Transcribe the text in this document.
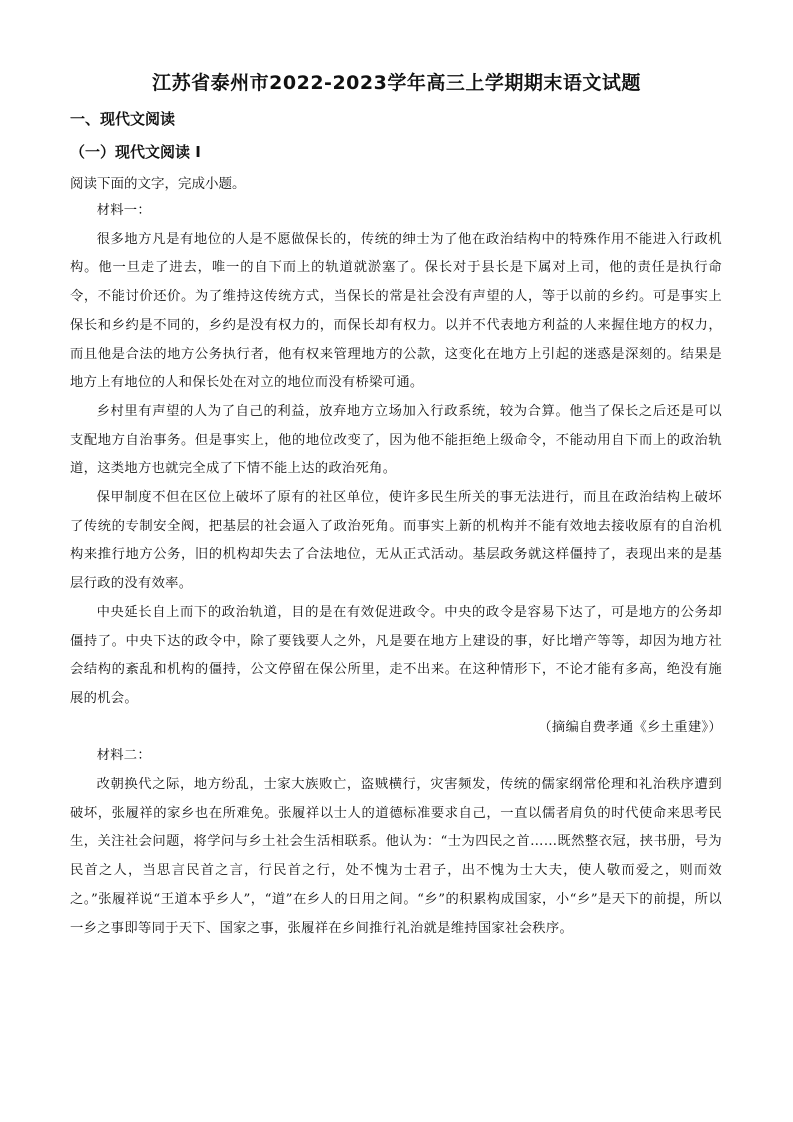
江苏省泰州市2022-2023学年高三上学期期末语文试题
一、现代文阅读
（一）现代文阅读 I
阅读下面的文字，完成小题。

材料一：

很多地方凡是有地位的人是不愿做保长的，传统的绅士为了他在政治结构中的特殊作用不能进入行政机构。他一旦走了进去，唯一的自下而上的轨道就淤塞了。保长对于县长是下属对上司，他的责任是执行命令，不能讨价还价。为了维持这传统方式，当保长的常是社会没有声望的人，等于以前的乡约。可是事实上保长和乡约是不同的，乡约是没有权力的，而保长却有权力。以并不代表地方利益的人来握住地方的权力，而且他是合法的地方公务执行者，他有权来管理地方的公款，这变化在地方上引起的迷惑是深刻的。结果是地方上有地位的人和保长处在对立的地位而没有桥梁可通。

乡村里有声望的人为了自己的利益，放弃地方立场加入行政系统，较为合算。他当了保长之后还是可以支配地方自治事务。但是事实上，他的地位改变了，因为他不能拒绝上级命令，不能动用自下而上的政治轨道，这类地方也就完全成了下情不能上达的政治死角。

保甲制度不但在区位上破坏了原有的社区单位，使许多民生所关的事无法进行，而且在政治结构上破坏了传统的专制安全阀，把基层的社会逼入了政治死角。而事实上新的机构并不能有效地去接收原有的自治机构来推行地方公务，旧的机构却失去了合法地位，无从正式活动。基层政务就这样僵持了，表现出来的是基层行政的没有效率。

中央延长自上而下的政治轨道，目的是在有效促进政令。中央的政令是容易下达了，可是地方的公务却僵持了。中央下达的政令中，除了要钱要人之外，凡是要在地方上建设的事，好比增产等等，却因为地方社会结构的紊乱和机构的僵持，公文停留在保公所里，走不出来。在这种情形下，不论才能有多高，绝没有施展的机会。

（摘编自费孝通《乡土重建》）

材料二：

改朝换代之际，地方纷乱，士家大族败亡，盗贼横行，灾害频发，传统的儒家纲常伦理和礼治秩序遭到破坏，张履祥的家乡也在所难免。张履祥以士人的道德标准要求自己，一直以儒者肩负的时代使命来思考民生，关注社会问题，将学问与乡土社会生活相联系。他认为：“士为四民之首……既然整衣冠，挟书册，号为民首之人，当思言民首之言，行民首之行，处不愧为士君子，出不愧为士大夫，使人敬而爱之，则而效之。”张履祥说“王道本乎乡人”，“道”在乡人的日用之间。“乡”的积累构成国家，小“乡”是天下的前提，所以一乡之事即等同于天下、国家之事，张履祥在乡间推行礼治就是维持国家社会秩序。
